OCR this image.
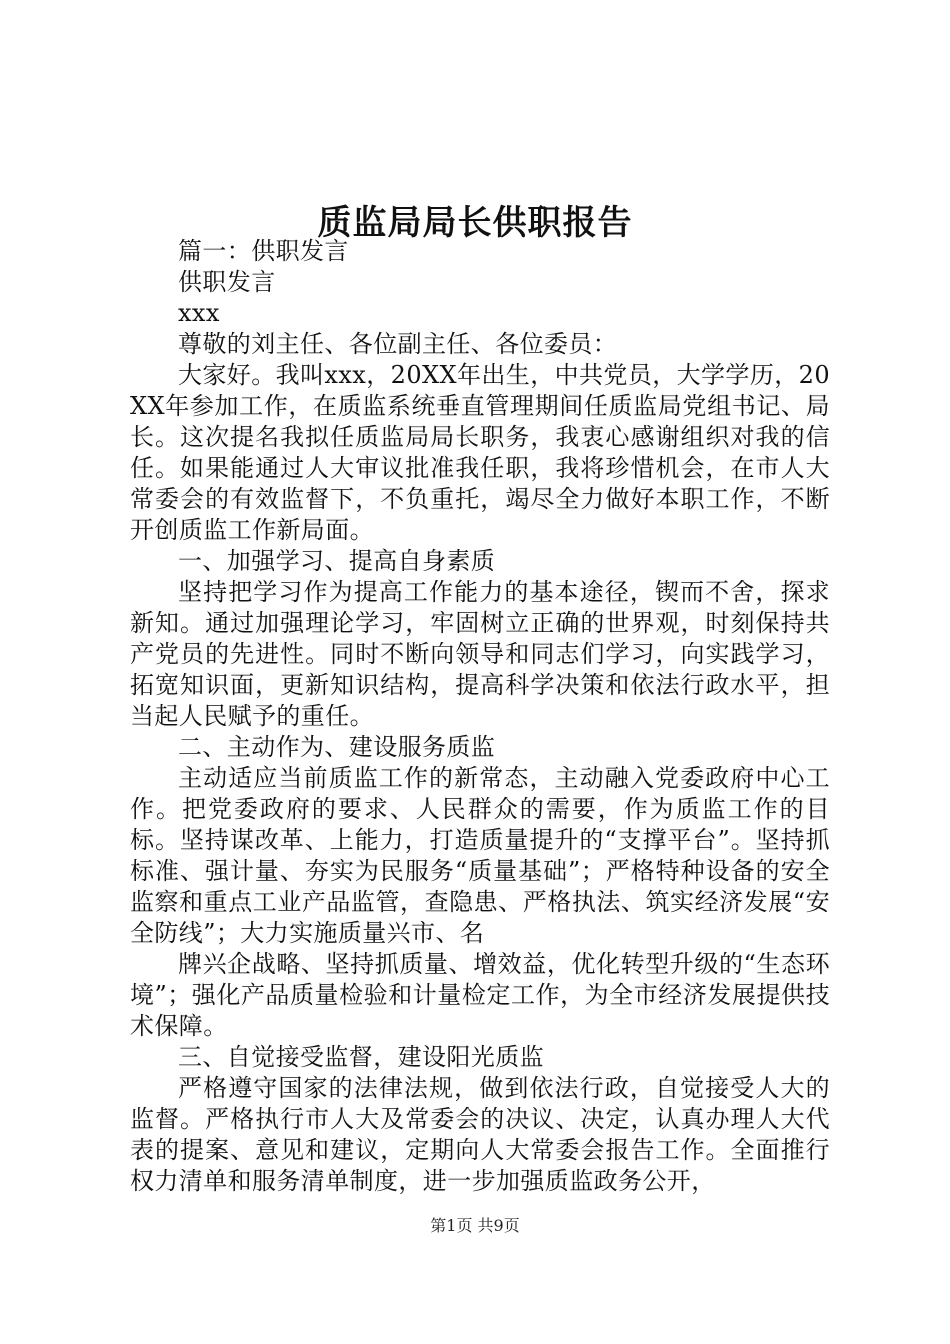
质监局局长供职报告

篇一：供职发言

供职发言

xxx

尊敬的刘主任、各位副主任、各位委员：

大家好。我叫xxx，20XX年出生，中共党员，大学学历，20XX年参加工作，在质监系统垂直管理期间任质监局党组书记、局长。这次提名我拟任质监局局长职务，我衷心感谢组织对我的信任。如果能通过人大审议批准我任职，我将珍惜机会，在市人大常委会的有效监督下，不负重托，竭尽全力做好本职工作，不断开创质监工作新局面。

一、加强学习、提高自身素质

坚持把学习作为提高工作能力的基本途径，锲而不舍，探求新知。通过加强理论学习，牢固树立正确的世界观，时刻保持共产党员的先进性。同时不断向领导和同志们学习，向实践学习，拓宽知识面，更新知识结构，提高科学决策和依法行政水平，担当起人民赋予的重任。

二、主动作为、建设服务质监

主动适应当前质监工作的新常态，主动融入党委政府中心工作。把党委政府的要求、人民群众的需要，作为质监工作的目标。坚持谋改革、上能力，打造质量提升的“支撑平台”。坚持抓标准、强计量、夯实为民服务“质量基础”；严格特种设备的安全监察和重点工业产品监管，查隐患、严格执法、筑实经济发展“安全防线”；大力实施质量兴市、名

牌兴企战略、坚持抓质量、增效益，优化转型升级的“生态环境”；强化产品质量检验和计量检定工作，为全市经济发展提供技术保障。

三、自觉接受监督，建设阳光质监

严格遵守国家的法律法规，做到依法行政，自觉接受人大的监督。严格执行市人大及常委会的决议、决定，认真办理人大代表的提案、意见和建议，定期向人大常委会报告工作。全面推行权力清单和服务清单制度，进一步加强质监政务公开，

第1页 共9页
